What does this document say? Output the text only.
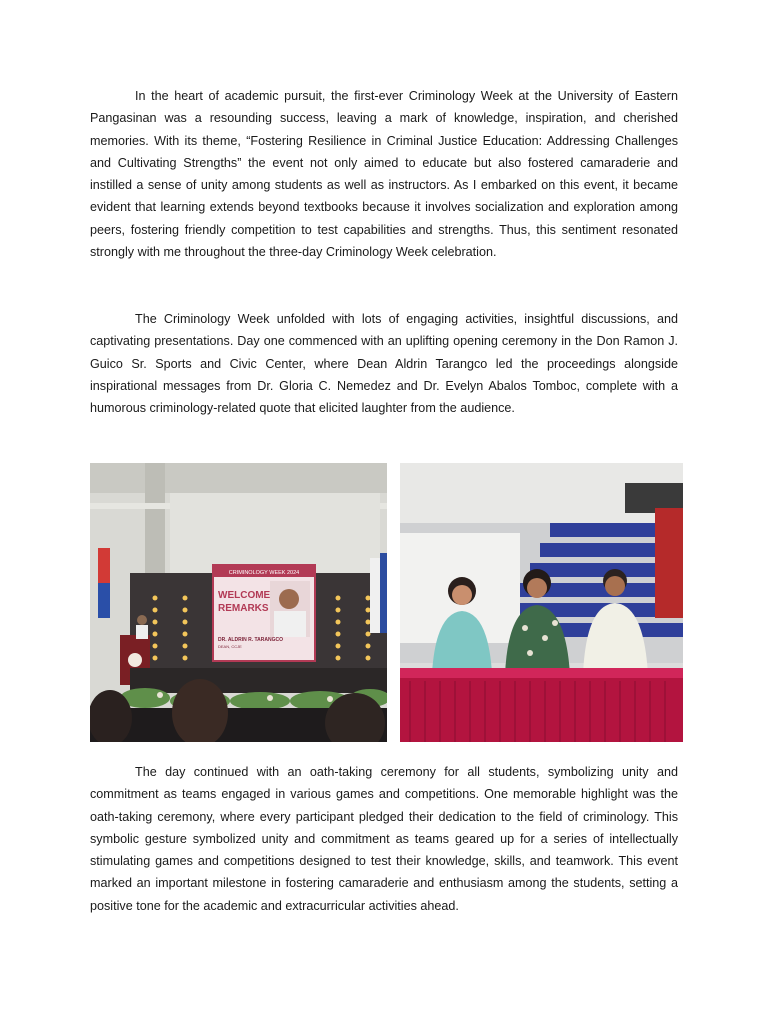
In the heart of academic pursuit, the first-ever Criminology Week at the University of Eastern Pangasinan was a resounding success, leaving a mark of knowledge, inspiration, and cherished memories. With its theme, “Fostering Resilience in Criminal Justice Education: Addressing Challenges and Cultivating Strengths” the event not only aimed to educate but also fostered camaraderie and instilled a sense of unity among students as well as instructors. As I embarked on this event, it became evident that learning extends beyond textbooks because it involves socialization and exploration among peers, fostering friendly competition to test capabilities and strengths. Thus, this sentiment resonated strongly with me throughout the three-day Criminology Week celebration.

The Criminology Week unfolded with lots of engaging activities, insightful discussions, and captivating presentations. Day one commenced with an uplifting opening ceremony in the Don Ramon J. Guico Sr. Sports and Civic Center, where Dean Aldrin Tarangco led the proceedings alongside inspirational messages from Dr. Gloria C. Nemedez and Dr. Evelyn Abalos Tomboc, complete with a humorous criminology-related quote that elicited laughter from the audience.

CRIMINOLOGY WEEK 2024
WELCOME
REMARKS
DR. ALDRIN R. TARANGCO
DEAN, CCJE

The day continued with an oath-taking ceremony for all students, symbolizing unity and commitment as teams engaged in various games and competitions. One memorable highlight was the oath-taking ceremony, where every participant pledged their dedication to the field of criminology. This symbolic gesture symbolized unity and commitment as teams geared up for a series of intellectually stimulating games and competitions designed to test their knowledge, skills, and teamwork. This event marked an important milestone in fostering camaraderie and enthusiasm among the students, setting a positive tone for the academic and extracurricular activities ahead.
